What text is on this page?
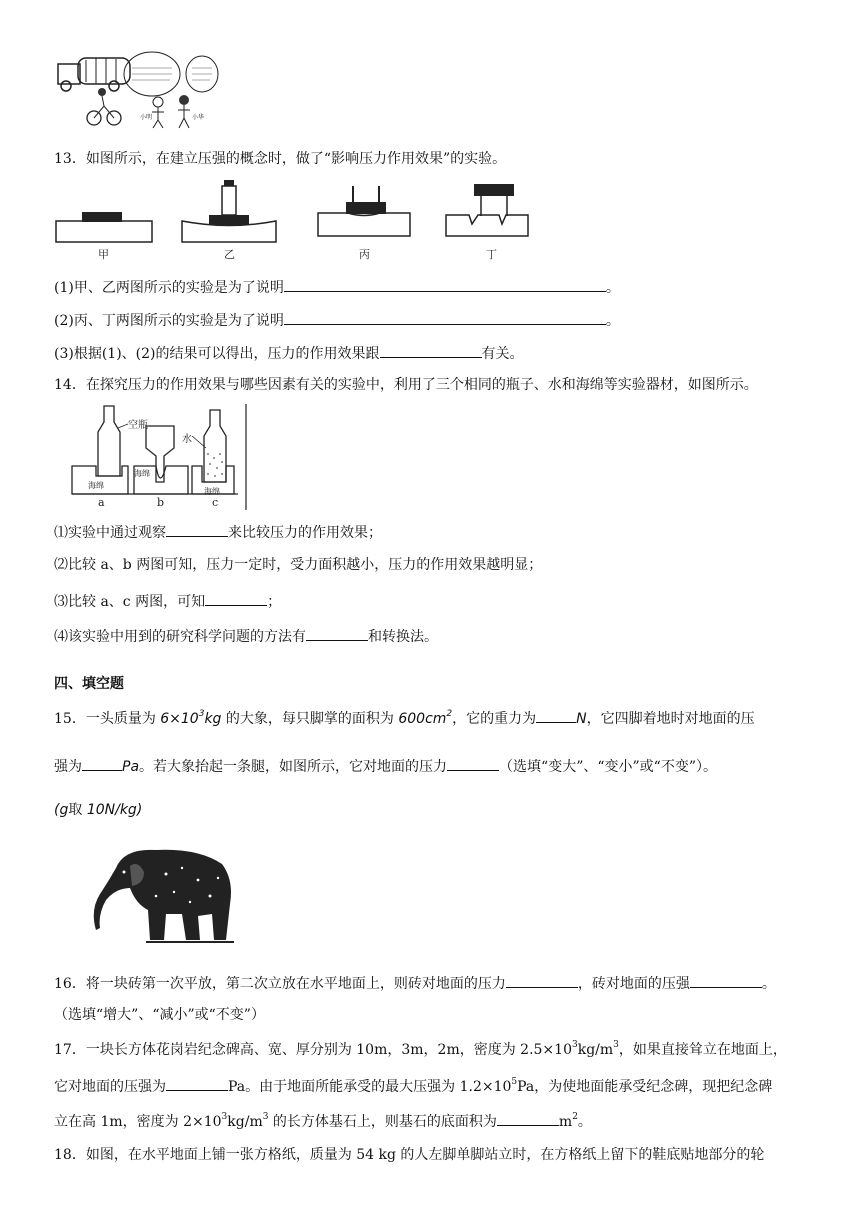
小明	小华
13．如图所示，在建立压强的概念时，做了“影响压力作用效果”的实验。
甲	乙	丙	丁
(1)甲、乙两图所示的实验是为了说明	。
(2)丙、丁两图所示的实验是为了说明	。
(3)根据(1)、(2)的结果可以得出，压力的作用效果跟	有关。
14．在探究压力的作用效果与哪些因素有关的实验中，利用了三个相同的瓶子、水和海绵等实验器材，如图所示。
空瓶
水
海绵
海绵
海绵
a	b	c
⑴实验中通过观察	来比较压力的作用效果；
⑵比较 a、b 两图可知，压力一定时，受力面积越小，压力的作用效果越明显；
⑶比较 a、c 两图，可知	；
⑷该实验中用到的研究科学问题的方法有	和转换法。
四、填空题
15．一头质量为 $6\times 10^3kg$ 的大象，每只脚掌的面积为 $600cm^2$，它的重力为	N，它四脚着地时对地面的压
强为	Pa。若大象抬起一条腿，如图所示，它对地面的压力	（选填“变大”、“变小”或“不变”）。
(g取 10N/kg)
16．将一块砖第一次平放，第二次立放在水平地面上，则砖对地面的压力	，砖对地面的压强	。
（选填“增大”、“减小”或“不变”）
17．一块长方体花岗岩纪念碑高、宽、厚分别为 10m，3m，2m，密度为 $2.5\times 10^3kg/m^3$，如果直接耸立在地面上，
它对地面的压强为	Pa。由于地面所能承受的最大压强为 $1.2\times 10^5Pa$，为使地面能承受纪念碑，现把纪念碑
立在高 1m，密度为 $2\times 10^3kg/m^3$ 的长方体基石上，则基石的底面积为	$m^2$。
18．如图，在水平地面上铺一张方格纸，质量为 54 kg 的人左脚单脚站立时，在方格纸上留下的鞋底贴地部分的轮
